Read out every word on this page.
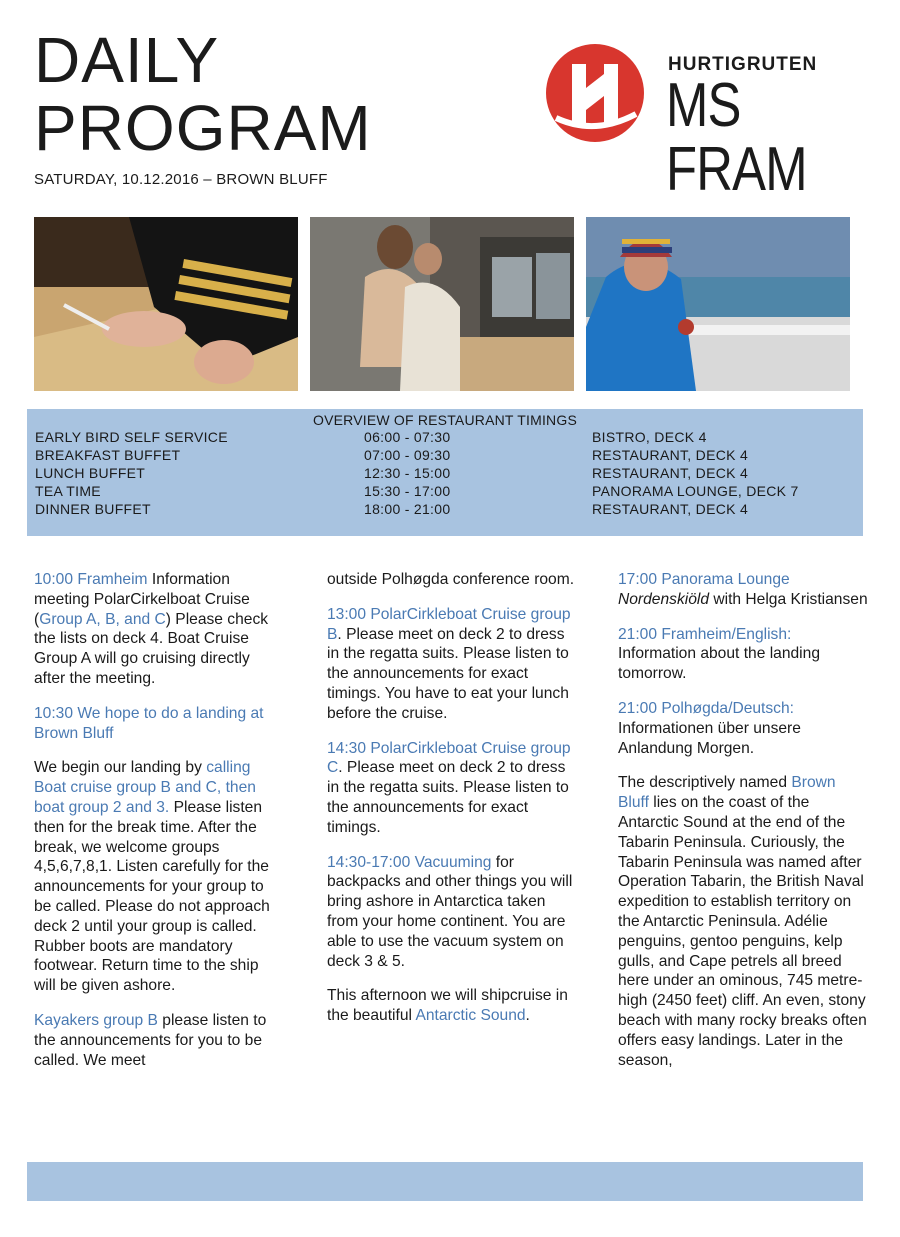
DAILY
PROGRAM
SATURDAY, 10.12.2016 – BROWN BLUFF
HURTIGRUTEN
MS FRAM
OVERVIEW OF RESTAURANT TIMINGS
EARLY BIRD SELF SERVICE	06:00 - 07:30	BISTRO, DECK 4
BREAKFAST BUFFET	07:00 - 09:30	RESTAURANT, DECK 4
LUNCH BUFFET	12:30 - 15:00	RESTAURANT, DECK 4
TEA TIME	15:30 - 17:00	PANORAMA LOUNGE, DECK 7
DINNER BUFFET	18:00 - 21:00	RESTAURANT, DECK 4

10:00 Framheim Information meeting PolarCirkelboat Cruise (Group A, B, and C) Please check the lists on deck 4. Boat Cruise Group A will go cruising directly after the meeting.

10:30 We hope to do a landing at Brown Bluff

We begin our landing by calling Boat cruise group B and C, then boat group 2 and 3. Please listen then for the break time. After the break, we welcome groups 4,5,6,7,8,1. Listen carefully for the announcements for your group to be called. Please do not approach deck 2 until your group is called. Rubber boots are mandatory footwear. Return time to the ship will be given ashore.

Kayakers group B please listen to the announcements for you to be called. We meet

outside Polhøgda conference room.

13:00 PolarCirkleboat Cruise group B. Please meet on deck 2 to dress in the regatta suits. Please listen to the announcements for exact timings. You have to eat your lunch before the cruise.

14:30 PolarCirkleboat Cruise group C. Please meet on deck 2 to dress in the regatta suits. Please listen to the announcements for exact timings.

14:30-17:00 Vacuuming for backpacks and other things you will bring ashore in Antarctica taken from your home continent. You are able to use the vacuum system on deck 3 & 5.

This afternoon we will shipcruise in the beautiful Antarctic Sound.

17:00 Panorama Lounge
Nordenskiöld with Helga Kristiansen

21:00 Framheim/English:
Information about the landing tomorrow.

21:00 Polhøgda/Deutsch:
Informationen über unsere Anlandung Morgen.

The descriptively named Brown Bluff lies on the coast of the Antarctic Sound at the end of the Tabarin Peninsula. Curiously, the Tabarin Peninsula was named after Operation Tabarin, the British Naval expedition to establish territory on the Antarctic Peninsula. Adélie penguins, gentoo penguins, kelp gulls, and Cape petrels all breed here under an ominous, 745 metre-high (2450 feet) cliff. An even, stony beach with many rocky breaks often offers easy landings. Later in the season,
